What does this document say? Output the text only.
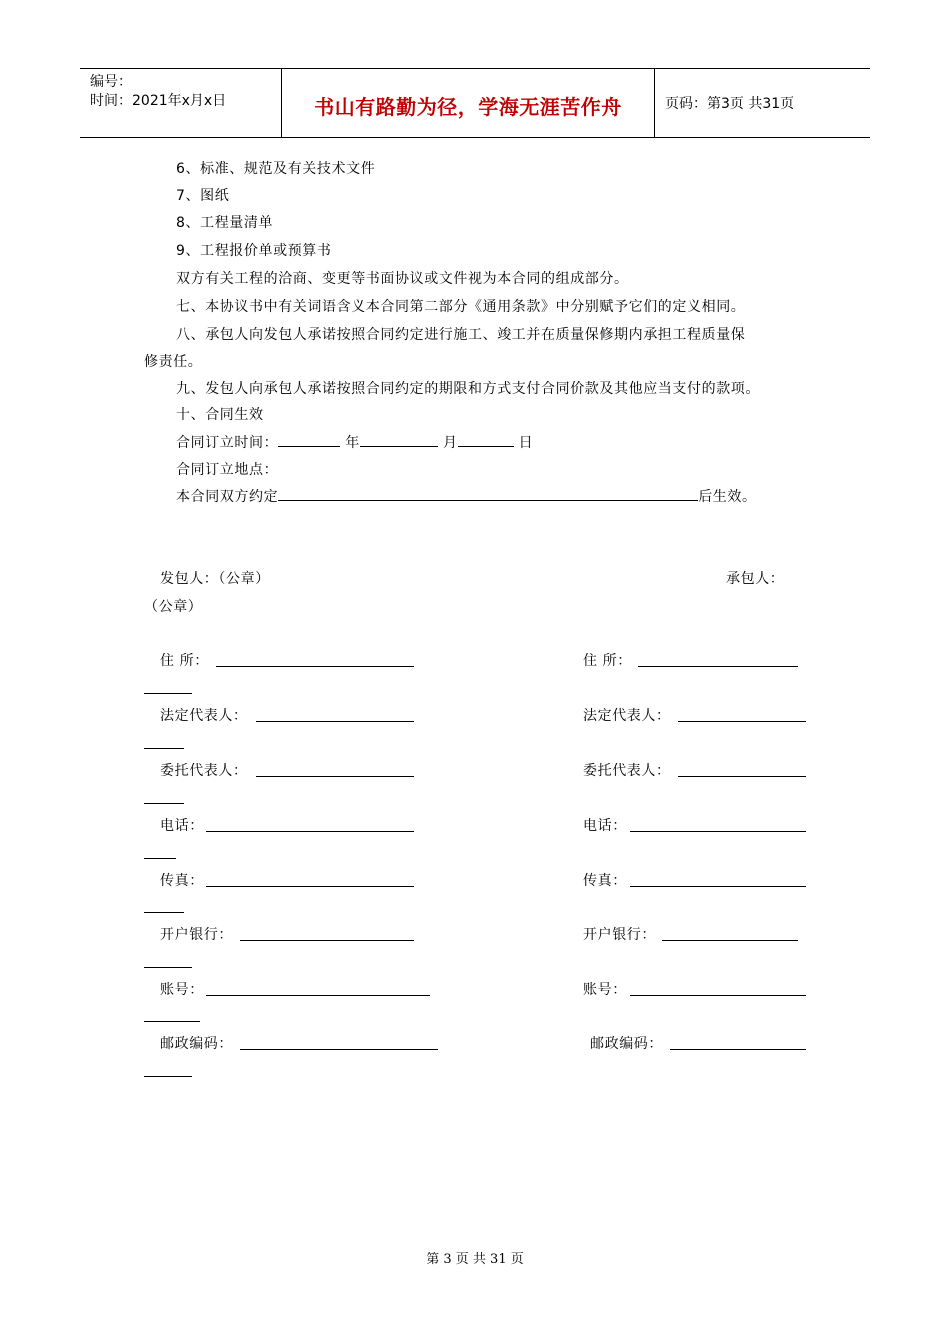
编号：
时间：2021年x月x日	书山有路勤为径，学海无涯苦作舟	页码：第3页 共31页
6、标准、规范及有关技术文件
7、图纸
8、工程量清单
9、工程报价单或预算书
双方有关工程的洽商、变更等书面协议或文件视为本合同的组成部分。
七、本协议书中有关词语含义本合同第二部分《通用条款》中分别赋予它们的定义相同。
八、承包人向发包人承诺按照合同约定进行施工、竣工并在质量保修期内承担工程质量保
修责任。
九、发包人向承包人承诺按照合同约定的期限和方式支付合同价款及其他应当支付的款项。
十、合同生效
合同订立时间：	年	月	日
合同订立地点：
本合同双方约定	后生效。
发包人：（公章）	承包人：
（公章）
住 所：	住 所：
法定代表人：	法定代表人：
委托代表人：	委托代表人：
电话：	电话：
传真：	传真：
开户银行：	开户银行：
账号：	账号：
邮政编码：	邮政编码：
第 3 页 共 31 页
